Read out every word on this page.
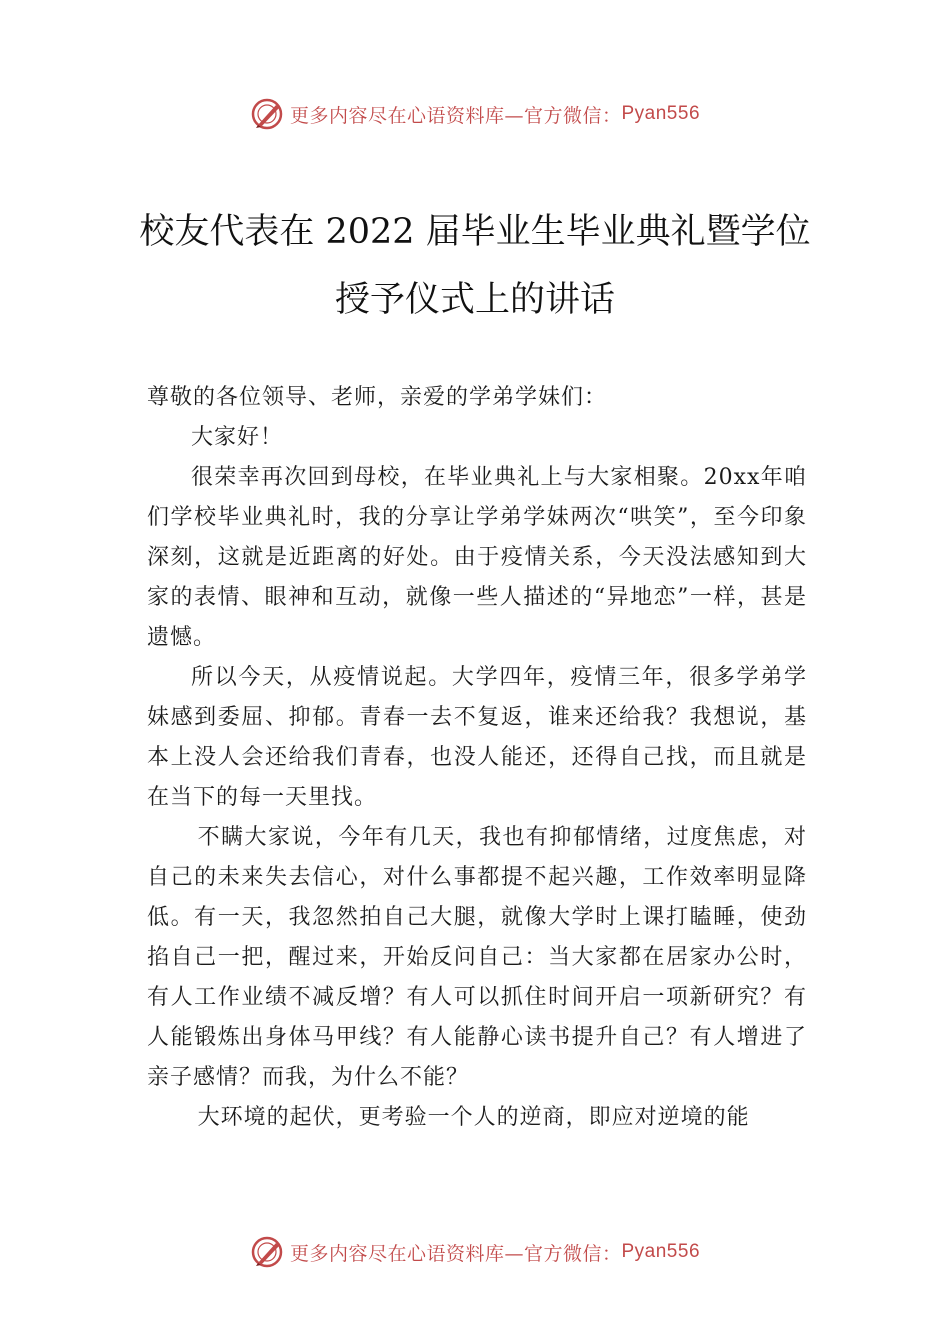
更多内容尽在心语资料库—官方微信： Pyan556
校友代表在 2022 届毕业生毕业典礼暨学位
授予仪式上的讲话

尊敬的各位领导、老师，亲爱的学弟学妹们：

大家好！

很荣幸再次回到母校，在毕业典礼上与大家相聚。20xx年咱们学校毕业典礼时，我的分享让学弟学妹两次“哄笑”，至今印象深刻，这就是近距离的好处。由于疫情关系，今天没法感知到大家的表情、眼神和互动，就像一些人描述的“异地恋”一样，甚是遗憾。

所以今天，从疫情说起。大学四年，疫情三年，很多学弟学妹感到委屈、抑郁。青春一去不复返，谁来还给我？我想说，基本上没人会还给我们青春，也没人能还，还得自己找，而且就是在当下的每一天里找。

不瞒大家说，今年有几天，我也有抑郁情绪，过度焦虑，对自己的未来失去信心，对什么事都提不起兴趣，工作效率明显降低。有一天，我忽然拍自己大腿，就像大学时上课打瞌睡，使劲掐自己一把，醒过来，开始反问自己：当大家都在居家办公时，有人工作业绩不减反增？有人可以抓住时间开启一项新研究？有人能锻炼出身体马甲线？有人能静心读书提升自己？有人增进了亲子感情？而我，为什么不能？

大环境的起伏，更考验一个人的逆商，即应对逆境的能

更多内容尽在心语资料库—官方微信： Pyan556
